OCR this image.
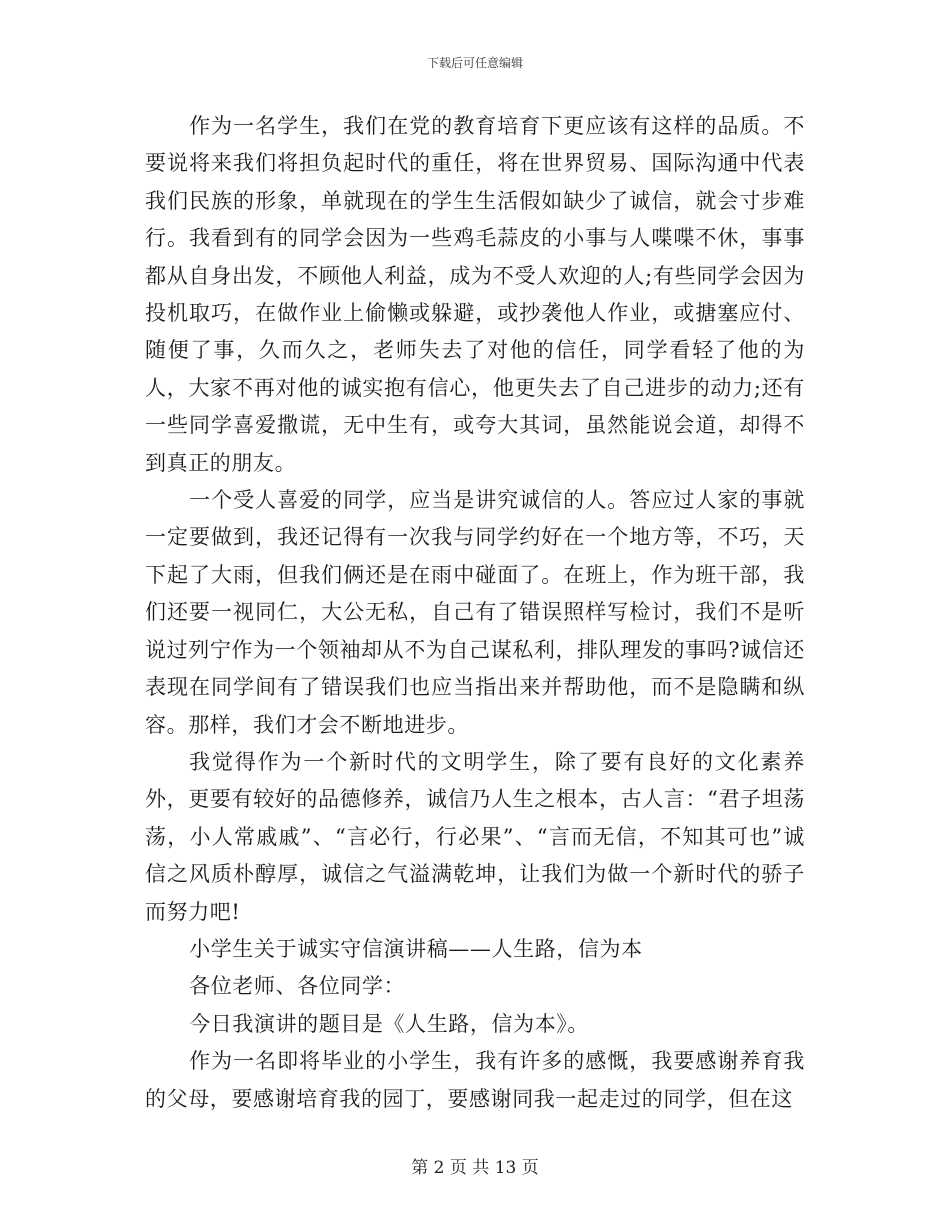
下载后可任意编辑

作为一名学生，我们在党的教育培育下更应该有这样的品质。不要说将来我们将担负起时代的重任，将在世界贸易、国际沟通中代表我们民族的形象，单就现在的学生生活假如缺少了诚信，就会寸步难行。我看到有的同学会因为一些鸡毛蒜皮的小事与人喋喋不休，事事都从自身出发，不顾他人利益，成为不受人欢迎的人;有些同学会因为投机取巧，在做作业上偷懒或躲避，或抄袭他人作业，或搪塞应付、随便了事，久而久之，老师失去了对他的信任，同学看轻了他的为人，大家不再对他的诚实抱有信心，他更失去了自己进步的动力;还有一些同学喜爱撒谎，无中生有，或夸大其词，虽然能说会道，却得不到真正的朋友。

一个受人喜爱的同学，应当是讲究诚信的人。答应过人家的事就一定要做到，我还记得有一次我与同学约好在一个地方等，不巧，天下起了大雨，但我们俩还是在雨中碰面了。在班上，作为班干部，我们还要一视同仁，大公无私，自己有了错误照样写检讨，我们不是听说过列宁作为一个领袖却从不为自己谋私利，排队理发的事吗?诚信还表现在同学间有了错误我们也应当指出来并帮助他，而不是隐瞒和纵容。那样，我们才会不断地进步。

我觉得作为一个新时代的文明学生，除了要有良好的文化素养外，更要有较好的品德修养，诚信乃人生之根本，古人言：“君子坦荡荡，小人常戚戚”、“言必行，行必果”、“言而无信，不知其可也”诚信之风质朴醇厚，诚信之气溢满乾坤，让我们为做一个新时代的骄子而努力吧!

小学生关于诚实守信演讲稿——人生路，信为本

各位老师、各位同学：

今日我演讲的题目是《人生路，信为本》。

作为一名即将毕业的小学生，我有许多的感慨，我要感谢养育我的父母，要感谢培育我的园丁，要感谢同我一起走过的同学，但在这

第 2 页 共 13 页
